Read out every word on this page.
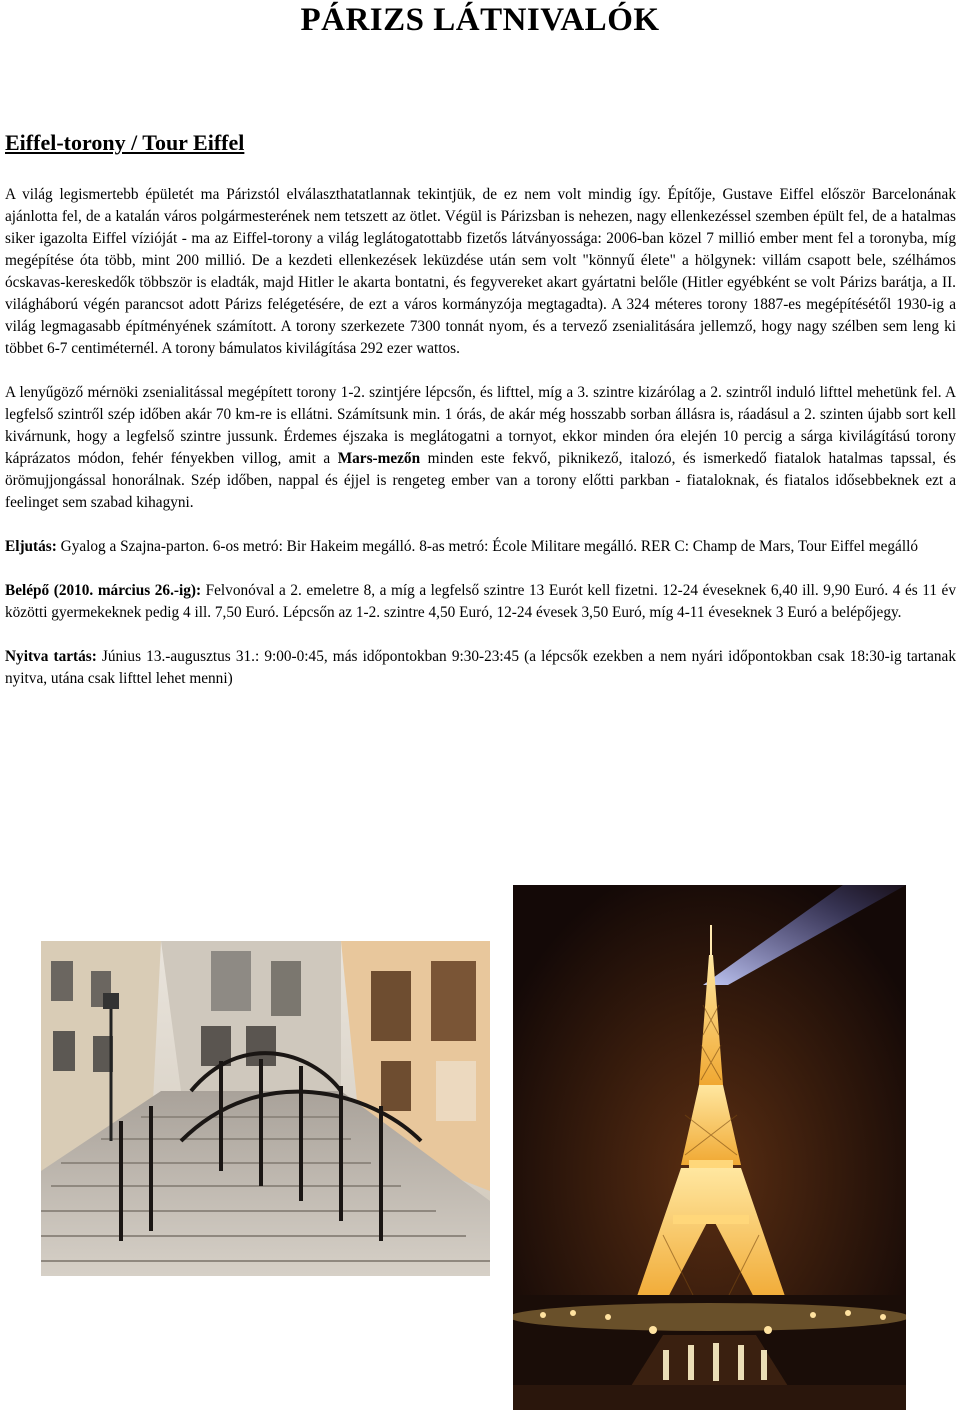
PÁRIZS LÁTNIVALÓK
Eiffel-torony / Tour Eiffel

A világ legismertebb épületét ma Párizstól elválaszthatatlannak tekintjük, de ez nem volt mindig így. Építője, Gustave Eiffel először Barcelonának ajánlotta fel, de a katalán város polgármesterének nem tetszett az ötlet. Végül is Párizsban is nehezen, nagy ellenkezéssel szemben épült fel, de a hatalmas siker igazolta Eiffel vízióját - ma az Eiffel-torony a világ leglátogatottabb fizetős látványossága: 2006-ban közel 7 millió ember ment fel a toronyba, míg megépítése óta több, mint 200 millió. De a kezdeti ellenkezések leküzdése után sem volt "könnyű élete" a hölgynek: villám csapott bele, szélhámos ócskavas-kereskedők többször is eladták, majd Hitler le akarta bontatni, és fegyvereket akart gyártatni belőle (Hitler egyébként se volt Párizs barátja, a II. világháború végén parancsot adott Párizs felégetésére, de ezt a város kormányzója megtagadta). A 324 méteres torony 1887-es megépítésétől 1930-ig a világ legmagasabb építményének számított. A torony szerkezete 7300 tonnát nyom, és a tervező zsenialitására jellemző, hogy nagy szélben sem leng ki többet 6-7 centiméternél. A torony bámulatos kivilágítása 292 ezer wattos.

A lenyűgöző mérnöki zsenialitással megépített torony 1-2. szintjére lépcsőn, és lifttel, míg a 3. szintre kizárólag a 2. szintről induló lifttel mehetünk fel. A legfelső szintről szép időben akár 70 km-re is ellátni. Számítsunk min. 1 órás, de akár még hosszabb sorban állásra is, ráadásul a 2. szinten újabb sort kell kivárnunk, hogy a legfelső szintre jussunk. Érdemes éjszaka is meglátogatni a tornyot, ekkor minden óra elején 10 percig a sárga kivilágítású torony káprázatos módon, fehér fényekben villog, amit a Mars-mezőn minden este fekvő, piknikező, italozó, és ismerkedő fiatalok hatalmas tapssal, és örömujjongással honorálnak. Szép időben, nappal és éjjel is rengeteg ember van a torony előtti parkban - fiataloknak, és fiatalos idősebbeknek ezt a feelinget sem szabad kihagyni.

Eljutás: Gyalog a Szajna-parton. 6-os metró: Bir Hakeim megálló. 8-as metró: École Militare megálló. RER C: Champ de Mars, Tour Eiffel megálló

Belépő (2010. március 26.-ig): Felvonóval a 2. emeletre 8, a míg a legfelső szintre 13 Eurót kell fizetni. 12-24 éveseknek 6,40 ill. 9,90 Euró. 4 és 11 év közötti gyermekeknek pedig 4 ill. 7,50 Euró. Lépcsőn az 1-2. szintre 4,50 Euró, 12-24 évesek 3,50 Euró, míg 4-11 éveseknek 3 Euró a belépőjegy.

Nyitva tartás: Június 13.-augusztus 31.: 9:00-0:45, más időpontokban 9:30-23:45 (a lépcsők ezekben a nem nyári időpontokban csak 18:30-ig tartanak nyitva, utána csak lifttel lehet menni)
